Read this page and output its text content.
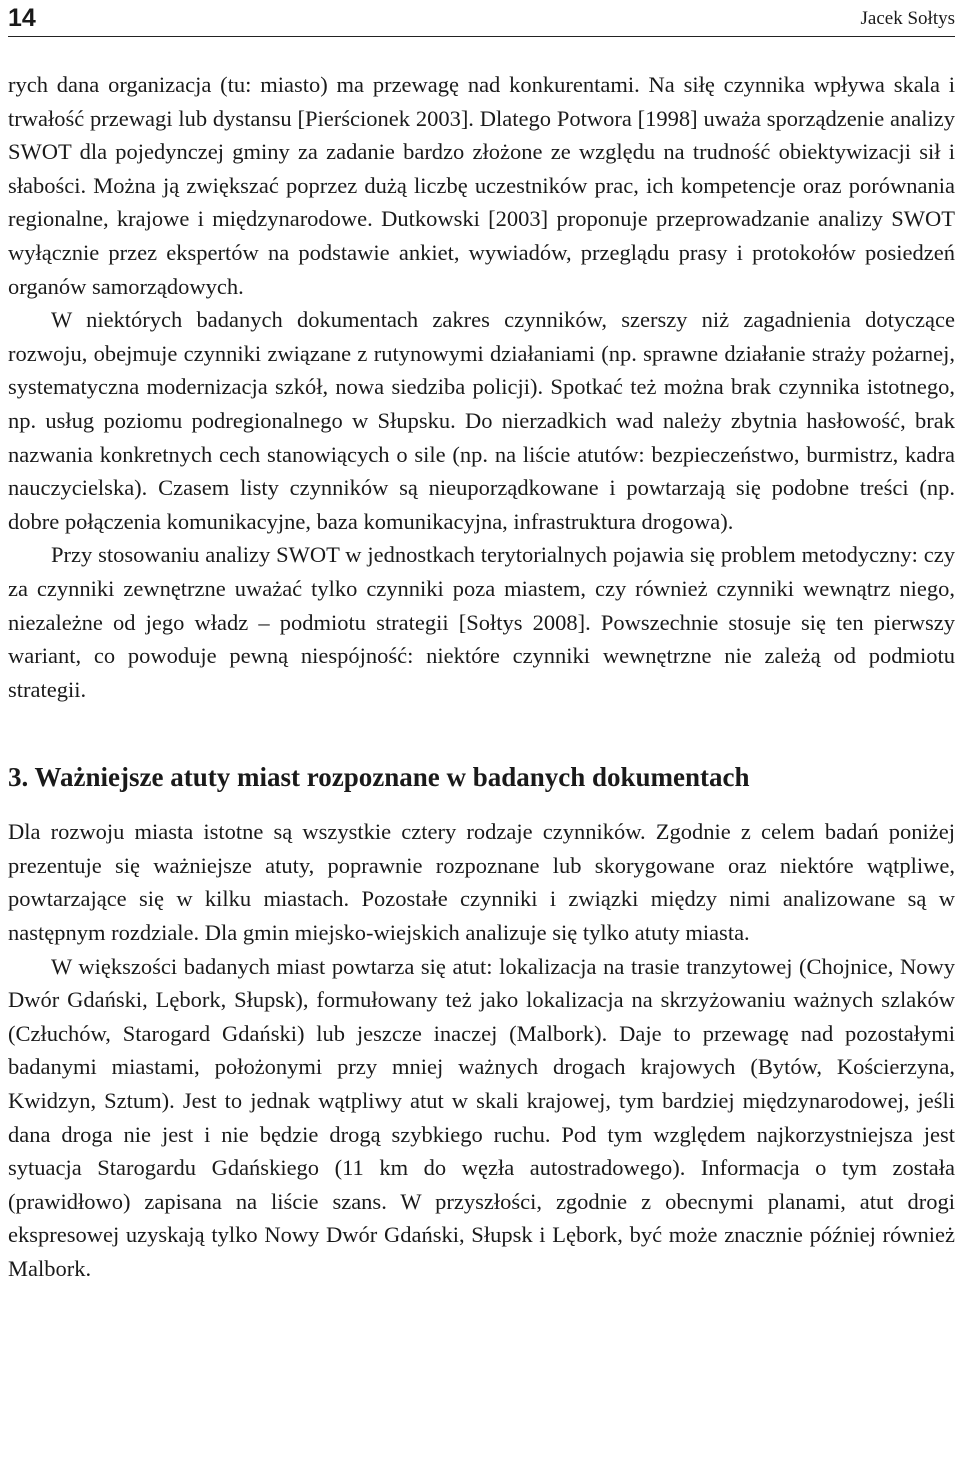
14	Jacek Sołtys

rych dana organizacja (tu: miasto) ma przewagę nad konkurentami. Na siłę czynnika wpływa skala i trwałość przewagi lub dystansu [Pierścionek 2003]. Dlatego Potwora [1998] uważa sporządzenie analizy SWOT dla pojedynczej gminy za zadanie bardzo złożone ze względu na trudność obiektywizacji sił i słabości. Można ją zwiększać poprzez dużą liczbę uczestników prac, ich kompetencje oraz porównania regionalne, krajowe i międzynarodowe. Dutkowski [2003] proponuje przeprowadzanie analizy SWOT wyłącznie przez ekspertów na podstawie ankiet, wywiadów, przeglądu prasy i protokołów posiedzeń organów samorządowych.

W niektórych badanych dokumentach zakres czynników, szerszy niż zagadnienia dotyczące rozwoju, obejmuje czynniki związane z rutynowymi działaniami (np. sprawne działanie straży pożarnej, systematyczna modernizacja szkół, nowa siedziba policji). Spotkać też można brak czynnika istotnego, np. usług poziomu podregionalnego w Słupsku. Do nierzadkich wad należy zbytnia hasłowość, brak nazwania konkretnych cech stanowiących o sile (np. na liście atutów: bezpieczeństwo, burmistrz, kadra nauczycielska). Czasem listy czynników są nieuporządkowane i powtarzają się podobne treści (np. dobre połączenia komunikacyjne, baza komunikacyjna, infrastruktura drogowa).

Przy stosowaniu analizy SWOT w jednostkach terytorialnych pojawia się problem metodyczny: czy za czynniki zewnętrzne uważać tylko czynniki poza miastem, czy również czynniki wewnątrz niego, niezależne od jego władz – podmiotu strategii [Sołtys 2008]. Powszechnie stosuje się ten pierwszy wariant, co powoduje pewną niespójność: niektóre czynniki wewnętrzne nie zależą od podmiotu strategii.

3. Ważniejsze atuty miast rozpoznane w badanych dokumentach

Dla rozwoju miasta istotne są wszystkie cztery rodzaje czynników. Zgodnie z celem badań poniżej prezentuje się ważniejsze atuty, poprawnie rozpoznane lub skorygowane oraz niektóre wątpliwe, powtarzające się w kilku miastach. Pozostałe czynniki i związki między nimi analizowane są w następnym rozdziale. Dla gmin miejsko-wiejskich analizuje się tylko atuty miasta.

W większości badanych miast powtarza się atut: lokalizacja na trasie tranzytowej (Chojnice, Nowy Dwór Gdański, Lębork, Słupsk), formułowany też jako lokalizacja na skrzyżowaniu ważnych szlaków (Człuchów, Starogard Gdański) lub jeszcze inaczej (Malbork). Daje to przewagę nad pozostałymi badanymi miastami, położonymi przy mniej ważnych drogach krajowych (Bytów, Kościerzyna, Kwidzyn, Sztum). Jest to jednak wątpliwy atut w skali krajowej, tym bardziej międzynarodowej, jeśli dana droga nie jest i nie będzie drogą szybkiego ruchu. Pod tym względem najkorzystniejsza jest sytuacja Starogardu Gdańskiego (11 km do węzła autostradowego). Informacja o tym została (prawidłowo) zapisana na liście szans. W przyszłości, zgodnie z obecnymi planami, atut drogi ekspresowej uzyskają tylko Nowy Dwór Gdański, Słupsk i Lębork, być może znacznie później również Malbork.
